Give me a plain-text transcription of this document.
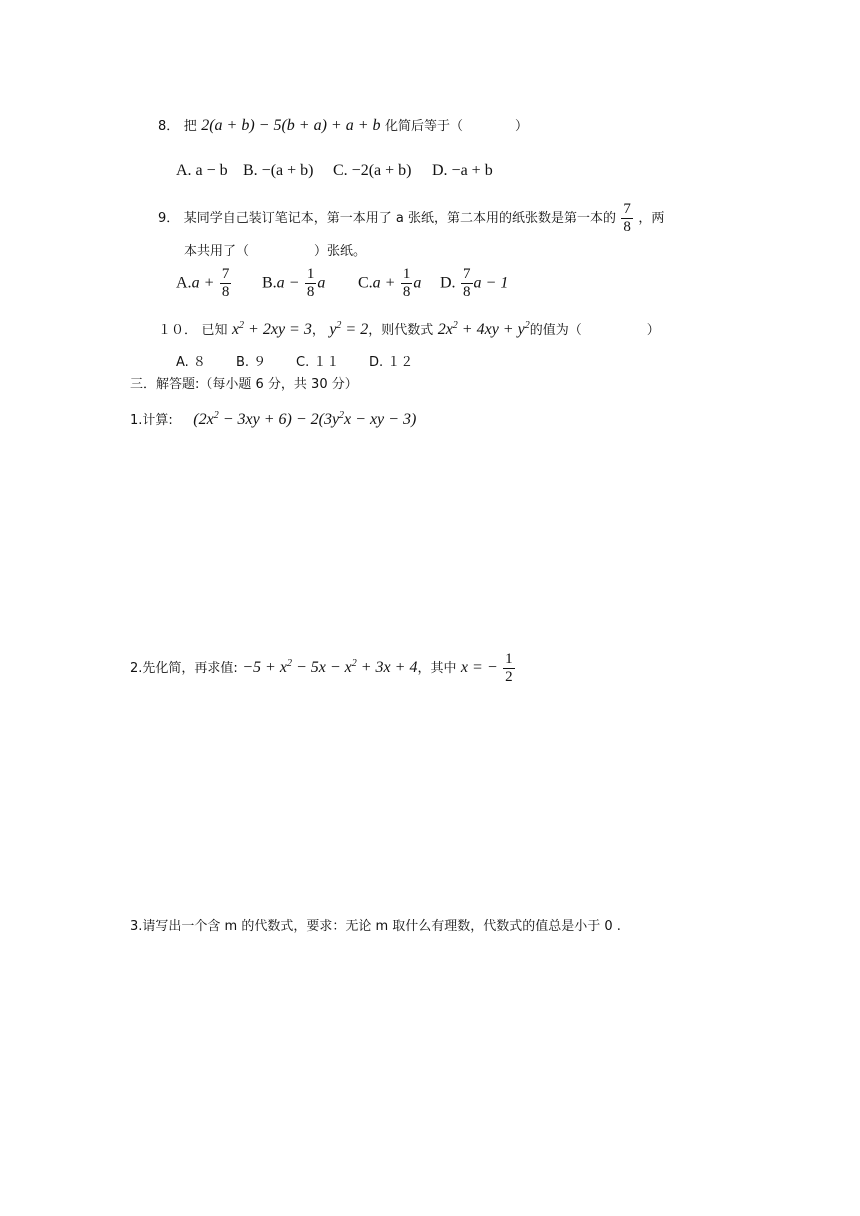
8． 把 2(a + b) − 5(b + a) + a + b 化简后等于（　　　　）
A. a − b B. −(a + b) C. −2(a + b) D. −a + b
9． 某同学自己装订笔记本，第一本用了 a 张纸，第二本用的纸张数是第一本的 $\frac{7}{8}$ ，两
本共用了（　　　　　）张纸。
$A.a + \frac{7}{8} B.a - \frac{1}{8}$ a $C.a + \frac{1}{8}$ a D. $\frac{7}{8}$ a − 1
１０． 已知 $x^2 + 2xy = 3$， $y^2 = 2$，则代数式 $2x^2 + 4xy + y^2$的值为（　　　　　）
A. ８ B. ９ C. １１ D. １２
三．解答题:（每小题 6 分，共 30 分）
1.计算: $(2x^2 - 3xy + 6) - 2(3y^2x$ − xy − 3)
2.先化简，再求值: $-5 + x^2 - 5x - x^2 + 3x + 4$，其中 x = − $\frac{1}{2}$
3.请写出一个含 m 的代数式，要求：无论 m 取什么有理数，代数式的值总是小于 0 .
